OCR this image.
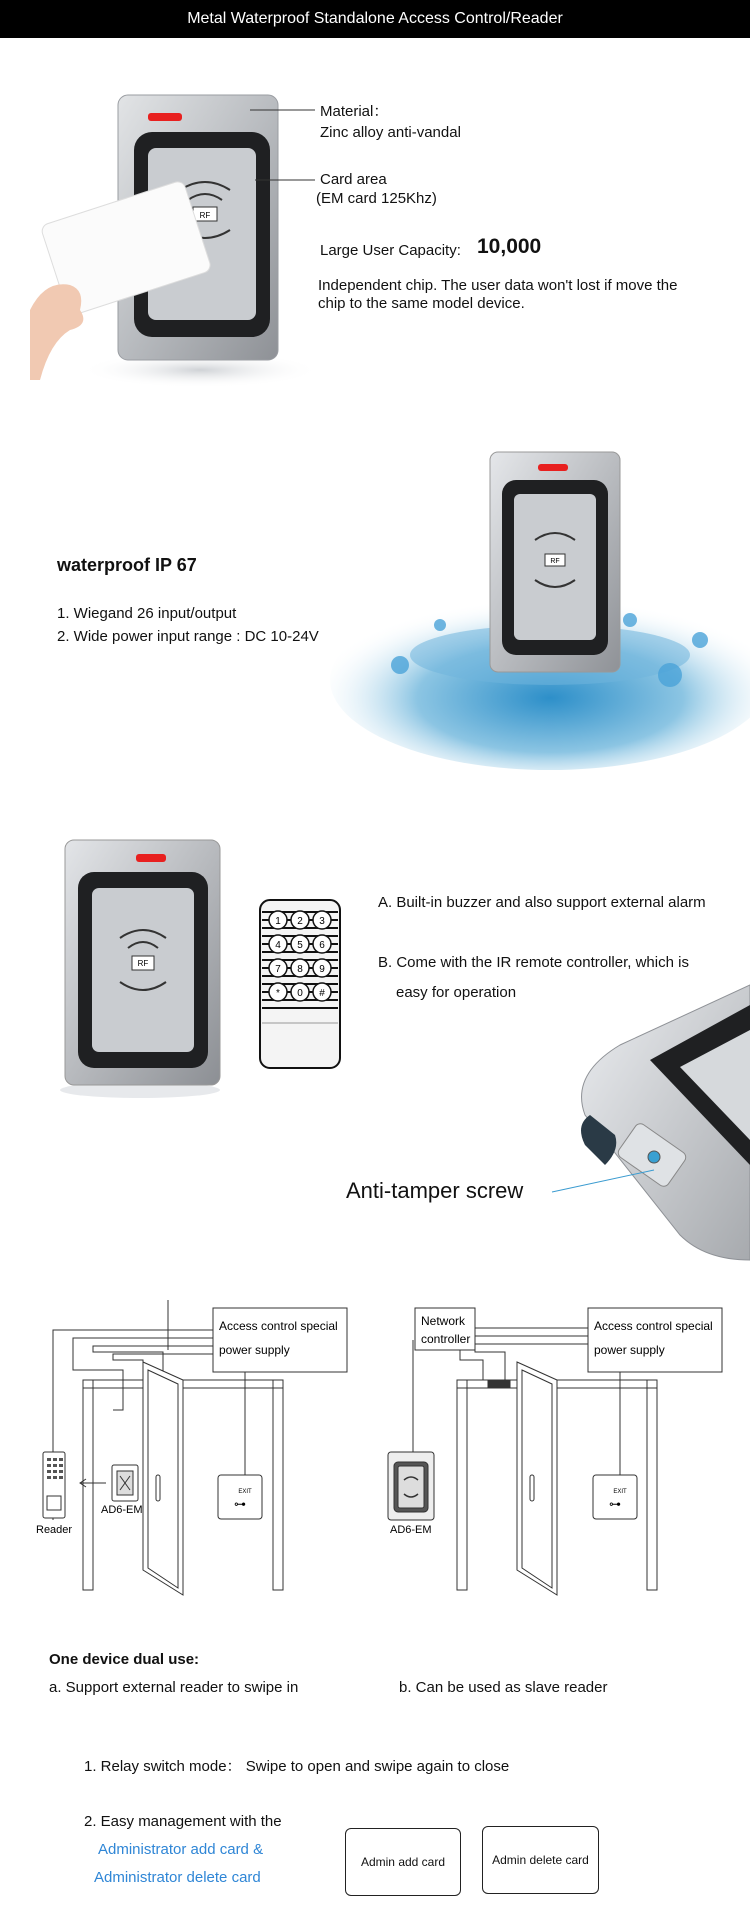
Metal Waterproof Standalone Access Control/Reader
RF
Material：
Zinc alloy anti-vandal
Card area
(EM card 125Khz)
Large User Capacity: 10,000
Independent chip. The user data won't lost if move the
chip to the same model device.
RF
waterproof IP 67
1. Wiegand 26 input/output
2. Wide power input range : DC 10-24V
RF
1 2 3
4 5 6
7 8 9
* 0 #
A. Built-in buzzer and also support external alarm
B. Come with the IR remote controller, which is
easy for operation
Anti-tamper screw
EXIT
⊶
Access control special
power supply
Reader
AD6-EM
EXIT
⊶
Network
controller
Access control special
power supply
AD6-EM
One device dual use:
a. Support external reader to swipe in	b. Can be used as slave reader
1. Relay switch mode： Swipe to open and swipe again to close
2. Easy management with the
Administrator add card &
Administrator delete card
Admin add card	Admin delete card
